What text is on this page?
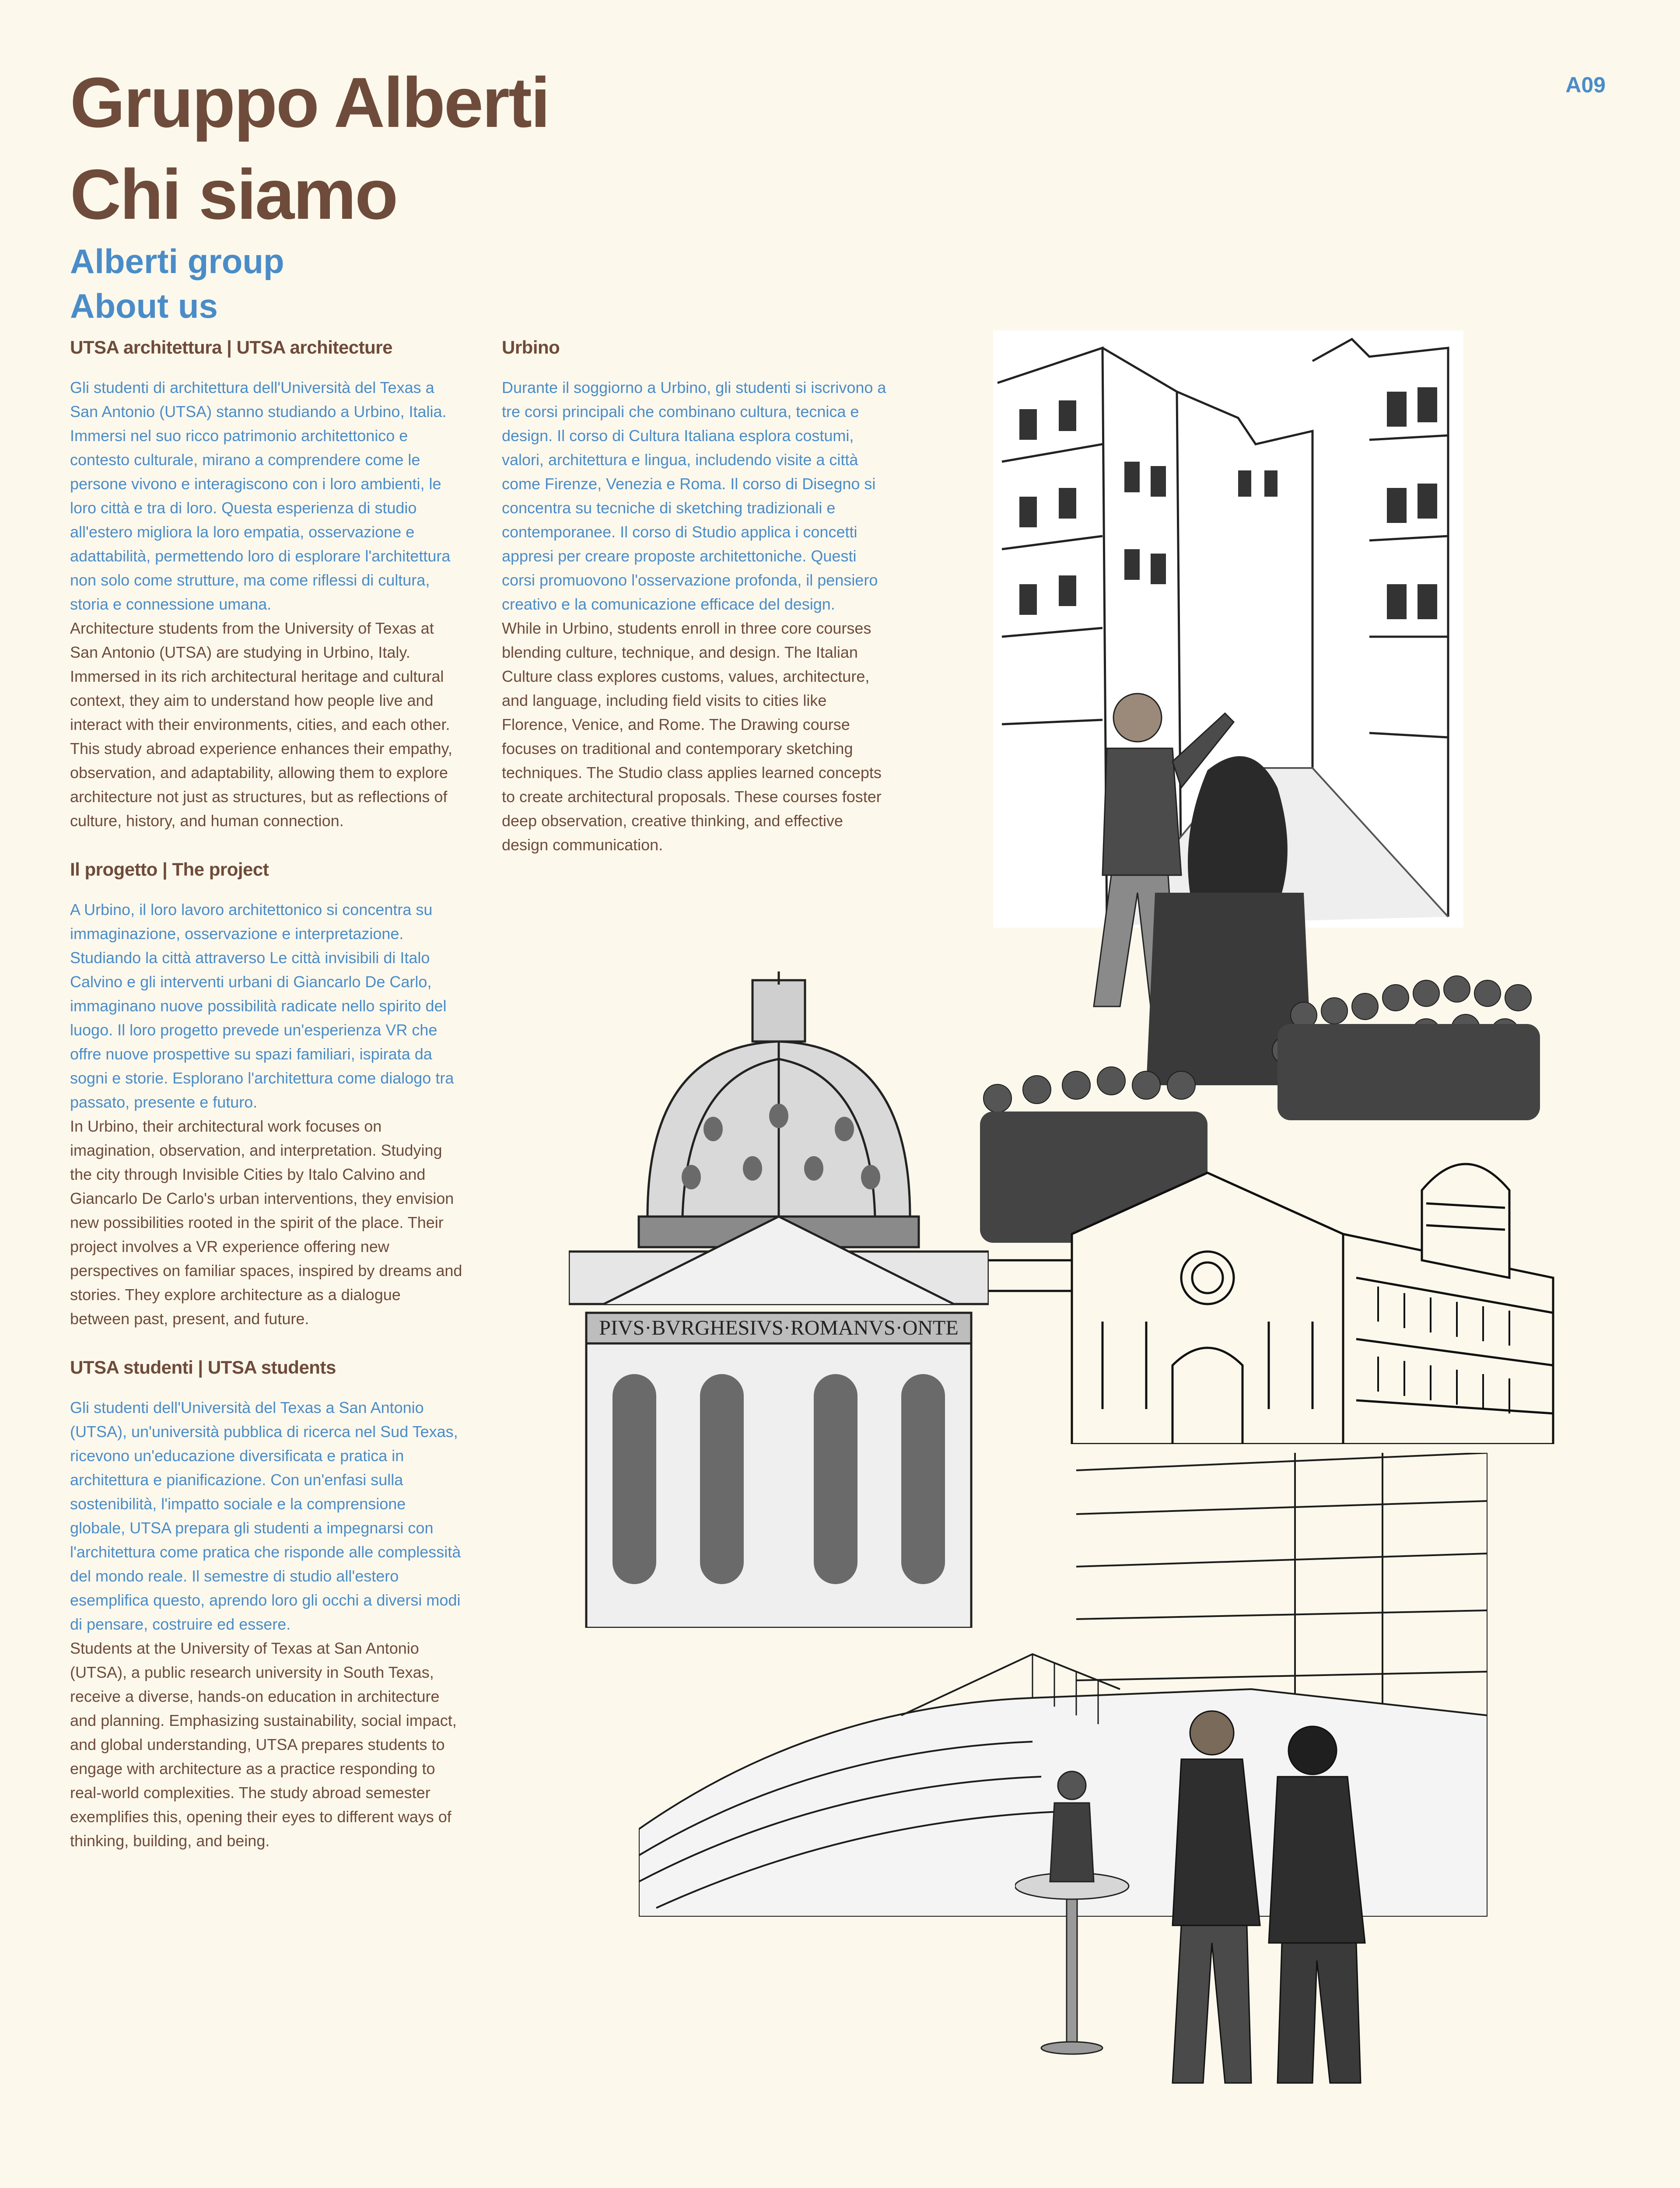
Gruppo Alberti
Chi siamo
Alberti group
About us
A09
UTSA architettura | UTSA architecture

Gli studenti di architettura dell'Università del Texas a San Antonio (UTSA) stanno studiando a Urbino, Italia. Immersi nel suo ricco patrimonio architettonico e contesto culturale, mirano a comprendere come le persone vivono e interagiscono con i loro ambienti, le loro città e tra di loro. Questa esperienza di studio all'estero migliora la loro empatia, osservazione e adattabilità, permettendo loro di esplorare l'architettura non solo come strutture, ma come riflessi di cultura, storia e connessione umana.

Architecture students from the University of Texas at San Antonio (UTSA) are studying in Urbino, Italy. Immersed in its rich architectural heritage and cultural context, they aim to understand how people live and interact with their environments, cities, and each other. This study abroad experience enhances their empathy, observation, and adaptability, allowing them to explore architecture not just as structures, but as reflections of culture, history, and human connection.

Il progetto | The project

A Urbino, il loro lavoro architettonico si concentra su immaginazione, osservazione e interpretazione. Studiando la città attraverso Le città invisibili di Italo Calvino e gli interventi urbani di Giancarlo De Carlo, immaginano nuove possibilità radicate nello spirito del luogo. Il loro progetto prevede un'esperienza VR che offre nuove prospettive su spazi familiari, ispirata da sogni e storie. Esplorano l'architettura come dialogo tra passato, presente e futuro.

In Urbino, their architectural work focuses on imagination, observation, and interpretation. Studying the city through Invisible Cities by Italo Calvino and Giancarlo De Carlo's urban interventions, they envision new possibilities rooted in the spirit of the place. Their project involves a VR experience offering new perspectives on familiar spaces, inspired by dreams and stories. They explore architecture as a dialogue between past, present, and future.

UTSA studenti | UTSA students

Gli studenti dell'Università del Texas a San Antonio (UTSA), un'università pubblica di ricerca nel Sud Texas, ricevono un'educazione diversificata e pratica in architettura e pianificazione. Con un'enfasi sulla sostenibilità, l'impatto sociale e la comprensione globale, UTSA prepara gli studenti a impegnarsi con l'architettura come pratica che risponde alle complessità del mondo reale. Il semestre di studio all'estero esemplifica questo, aprendo loro gli occhi a diversi modi di pensare, costruire ed essere.

Students at the University of Texas at San Antonio (UTSA), a public research university in South Texas, receive a diverse, hands-on education in architecture and planning. Emphasizing sustainability, social impact, and global understanding, UTSA prepares students to engage with architecture as a practice responding to real-world complexities. The study abroad semester exemplifies this, opening their eyes to different ways of thinking, building, and being.

Urbino

Durante il soggiorno a Urbino, gli studenti si iscrivono a tre corsi principali che combinano cultura, tecnica e design. Il corso di Cultura Italiana esplora costumi, valori, architettura e lingua, includendo visite a città come Firenze, Venezia e Roma. Il corso di Disegno si concentra su tecniche di sketching tradizionali e contemporanee. Il corso di Studio applica i concetti appresi per creare proposte architettoniche. Questi corsi promuovono l'osservazione profonda, il pensiero creativo e la comunicazione efficace del design.

While in Urbino, students enroll in three core courses blending culture, technique, and design. The Italian Culture class explores customs, values, architecture, and language, including field visits to cities like Florence, Venice, and Rome. The Drawing course focuses on traditional and contemporary sketching techniques. The Studio class applies learned concepts to create architectural proposals. These courses foster deep observation, creative thinking, and effective design communication.

PIVS·BVRGHESIVS·ROMANVS·ONTE
